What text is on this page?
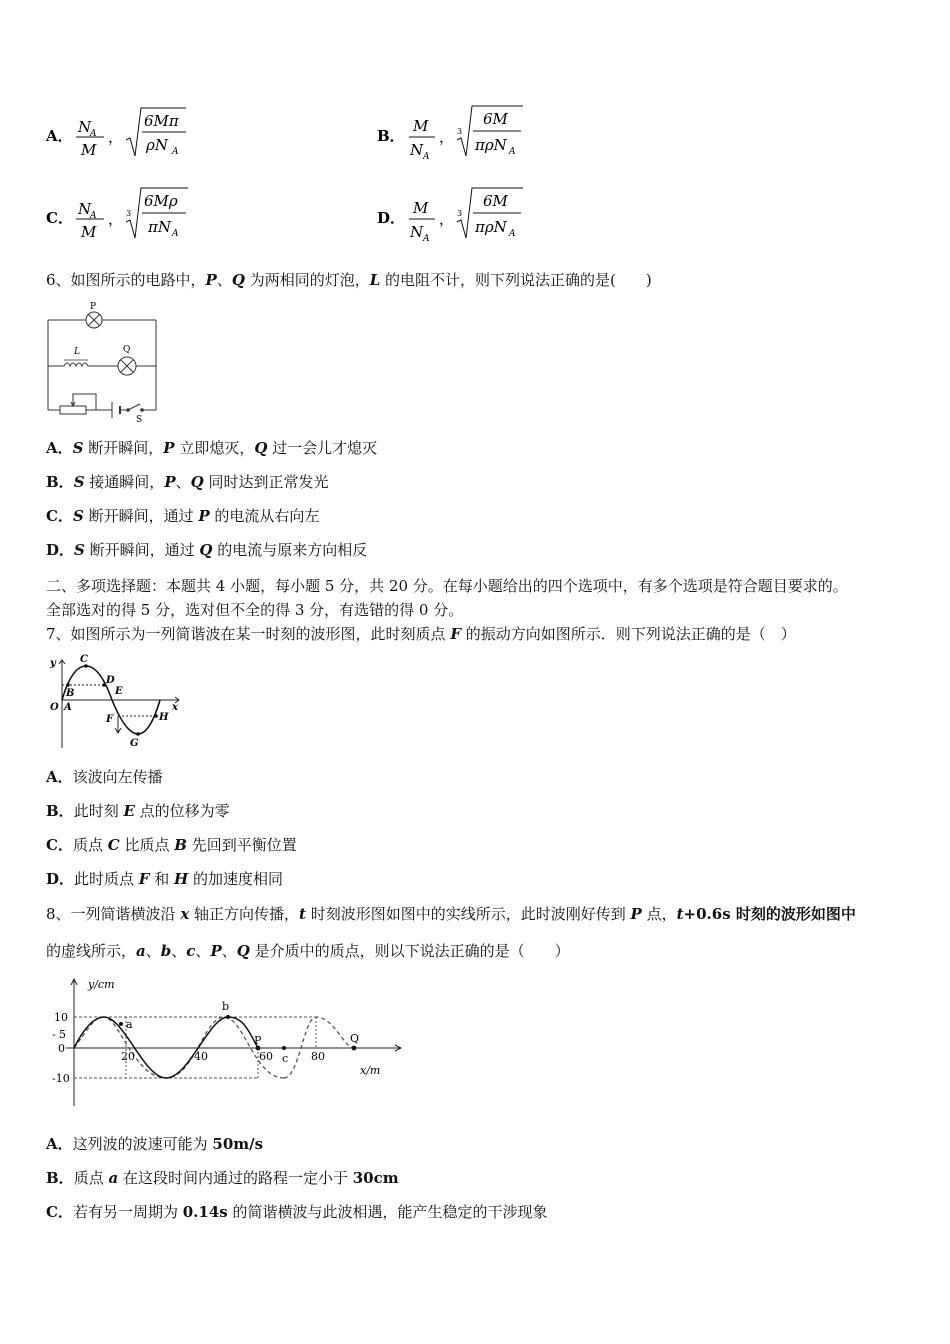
A． N
A
M
，
6Mπ
ρN A
B．
M
N A
， 3
6M
πρN A
C． N
A
M
， 3
6Mρ
πN A
D．
M
N A
， 3
6M
πρN A
6、如图所示的电路中，P、Q 为两相同的灯泡，L 的电阻不计，则下列说法正确的是(　　)
P
L	Q
S
A．S 断开瞬间，P 立即熄灭，Q 过一会儿才熄灭
B．S 接通瞬间，P、Q 同时达到正常发光
C．S 断开瞬间，通过 P 的电流从右向左
D．S 断开瞬间，通过 Q 的电流与原来方向相反
二、多项选择题：本题共 4 小题，每小题 5 分，共 20 分。在每小题给出的四个选项中，有多个选项是符合题目要求的。
全部选对的得 5 分，选对但不全的得 3 分，有选错的得 0 分。
7、如图所示为一列简谐波在某一时刻的波形图，此时刻质点 F 的振动方向如图所示．则下列说法正确的是（　）
y
x
O A
B
C
D
E
F
G
H
A．该波向左传播
B．此时刻 E 点的位移为零
C．质点 C 比质点 B 先回到平衡位置
D．此时质点 F 和 H 的加速度相同
8、一列简谐横波沿 x 轴正方向传播，t 时刻波形图如图中的实线所示，此时波刚好传到 P 点，t+0.6s 时刻的波形如图中
的虚线所示，a、b、c、P、Q 是介质中的质点，则以下说法正确的是（　　）
y/cm
x/m
10
- 5
0
-10
20	40	60	80
a
b
P
c
Q
A．这列波的波速可能为 50m/s
B．质点 a 在这段时间内通过的路程一定小于 30cm
C．若有另一周期为 0.14s 的简谐横波与此波相遇，能产生稳定的干涉现象
